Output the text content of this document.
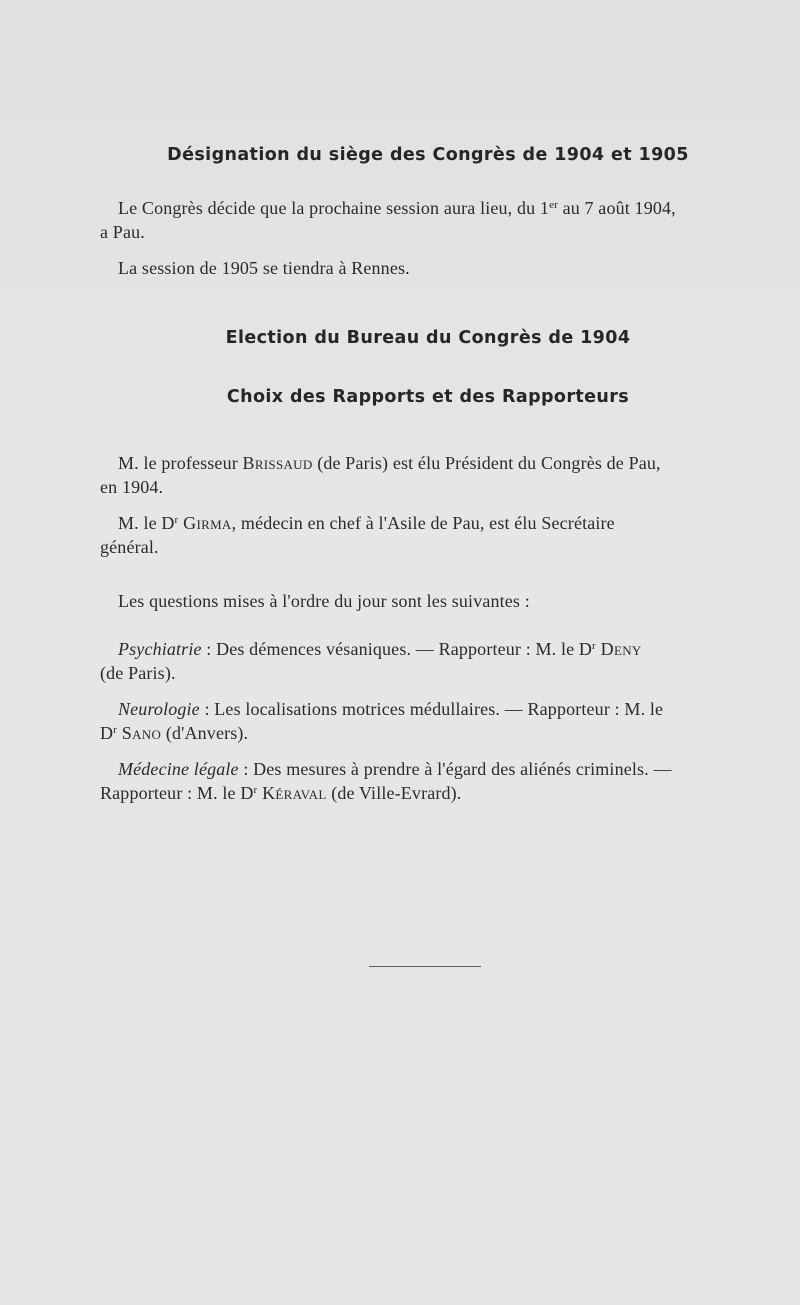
Désignation du siège des Congrès de 1904 et 1905

Le Congrès décide que la prochaine session aura lieu, du 1er au 7 août 1904,

a Pau.

La session de 1905 se tiendra à Rennes.

Election du Bureau du Congrès de 1904
Choix des Rapports et des Rapporteurs

M. le professeur Brissaud (de Paris) est élu Président du Congrès de Pau,

en 1904.

M. le $D^r$ Girma, médecin en chef à l'Asile de Pau, est élu Secrétaire

général.

Les questions mises à l'ordre du jour sont les suivantes :

Psychiatrie : Des démences vésaniques. — Rapporteur : M. le $D^r$ Deny

(de Paris).

Neurologie : Les localisations motrices médullaires. — Rapporteur : M. le

$D^r$ Sano (d'Anvers).

Médecine légale : Des mesures à prendre à l'égard des aliénés criminels. —

Rapporteur : M. le $D^r$ Kéraval (de Ville-Evrard).
